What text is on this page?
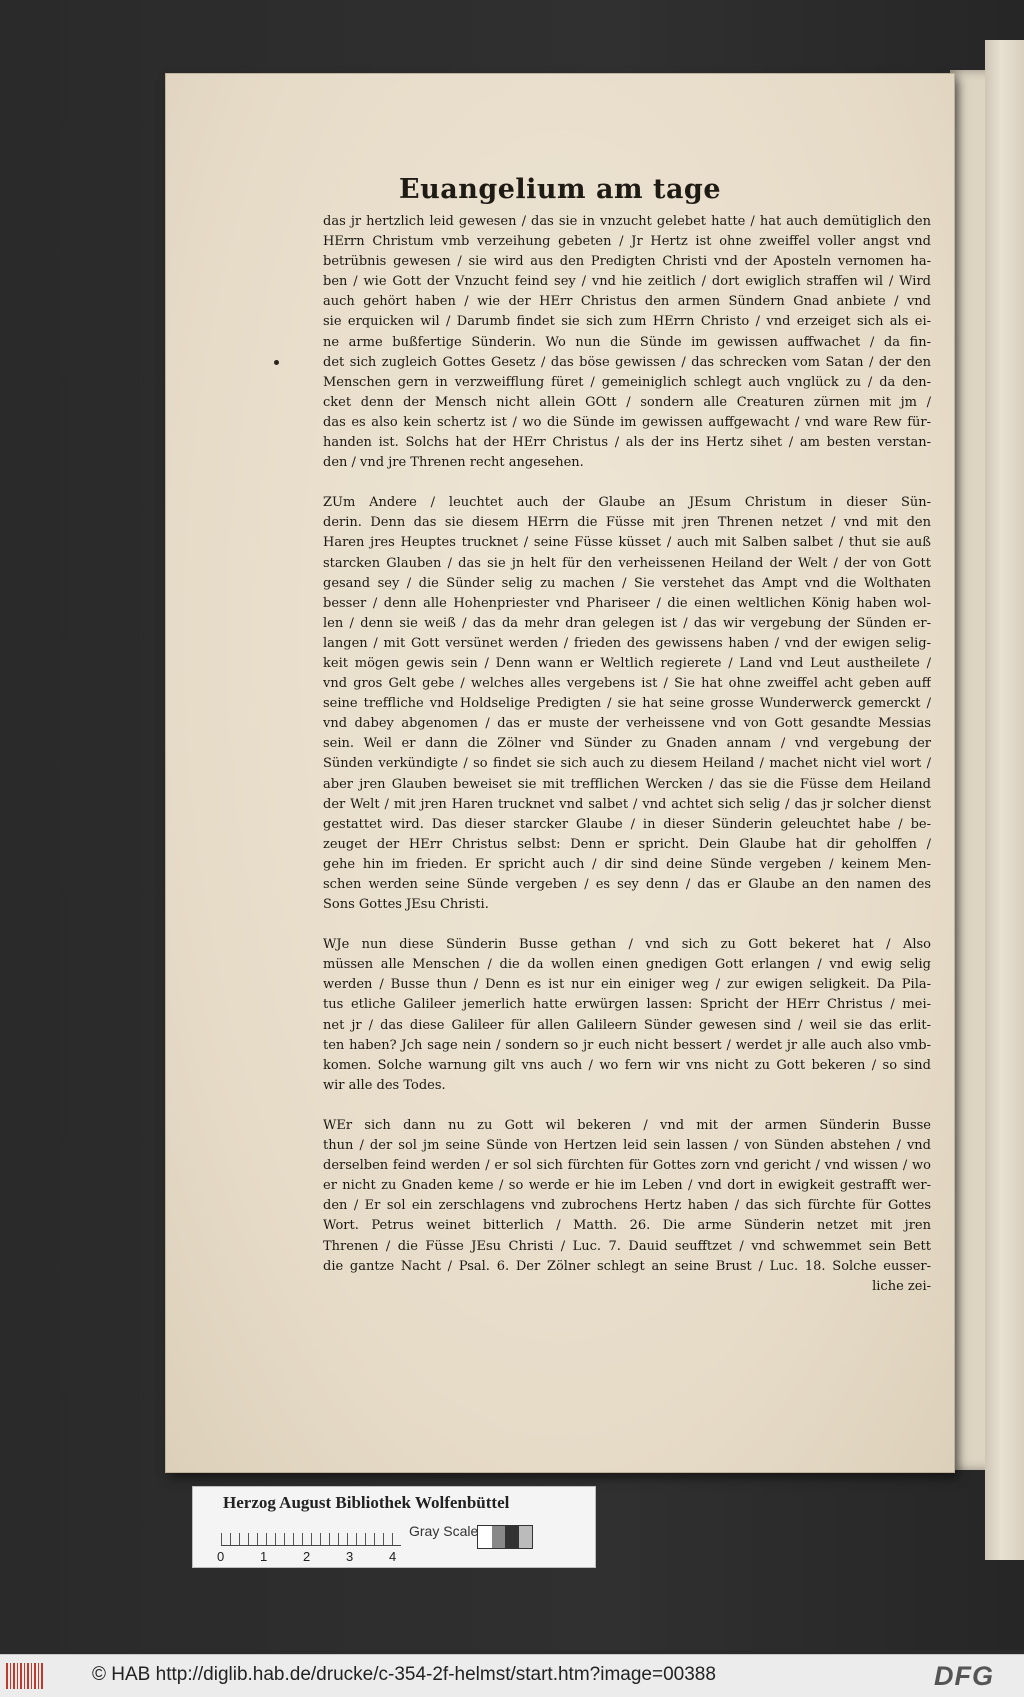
Euangelium am tage
das jr hertzlich leid gewesen / das sie in vnzucht gelebet hatte / hat auch demütiglich den
HErrn Christum vmb verzeihung gebeten / Jr Hertz ist ohne zweiffel voller angst vnd
betrübnis gewesen / sie wird aus den Predigten Christi vnd der Aposteln vernomen ha-
ben / wie Gott der Vnzucht feind sey / vnd hie zeitlich / dort ewiglich straffen wil / Wird
auch gehört haben / wie der HErr Christus den armen Sündern Gnad anbiete / vnd
sie erquicken wil / Darumb findet sie sich zum HErrn Christo / vnd erzeiget sich als ei-
ne arme bußfertige Sünderin. Wo nun die Sünde im gewissen auffwachet / da fin-
det sich zugleich Gottes Gesetz / das böse gewissen / das schrecken vom Satan / der den
Menschen gern in verzweifflung füret / gemeiniglich schlegt auch vnglück zu / da den-
cket denn der Mensch nicht allein GOtt / sondern alle Creaturen zürnen mit jm /
das es also kein schertz ist / wo die Sünde im gewissen auffgewacht / vnd ware Rew für-
handen ist. Solchs hat der HErr Christus / als der ins Hertz sihet / am besten verstan-
den / vnd jre Threnen recht angesehen.
ZUm Andere / leuchtet auch der Glaube an JEsum Christum in dieser Sün-
derin. Denn das sie diesem HErrn die Füsse mit jren Threnen netzet / vnd mit den
Haren jres Heuptes trucknet / seine Füsse küsset / auch mit Salben salbet / thut sie auß
starcken Glauben / das sie jn helt für den verheissenen Heiland der Welt / der von Gott
gesand sey / die Sünder selig zu machen / Sie verstehet das Ampt vnd die Wolthaten
besser / denn alle Hohenpriester vnd Phariseer / die einen weltlichen König haben wol-
len / denn sie weiß / das da mehr dran gelegen ist / das wir vergebung der Sünden er-
langen / mit Gott versünet werden / frieden des gewissens haben / vnd der ewigen selig-
keit mögen gewis sein / Denn wann er Weltlich regierete / Land vnd Leut austheilete /
vnd gros Gelt gebe / welches alles vergebens ist / Sie hat ohne zweiffel acht geben auff
seine treffliche vnd Holdselige Predigten / sie hat seine grosse Wunderwerck gemerckt /
vnd dabey abgenomen / das er muste der verheissene vnd von Gott gesandte Messias
sein. Weil er dann die Zölner vnd Sünder zu Gnaden annam / vnd vergebung der
Sünden verkündigte / so findet sie sich auch zu diesem Heiland / machet nicht viel wort /
aber jren Glauben beweiset sie mit trefflichen Wercken / das sie die Füsse dem Heiland
der Welt / mit jren Haren trucknet vnd salbet / vnd achtet sich selig / das jr solcher dienst
gestattet wird. Das dieser starcker Glaube / in dieser Sünderin geleuchtet habe / be-
zeuget der HErr Christus selbst: Denn er spricht. Dein Glaube hat dir geholffen /
gehe hin im frieden. Er spricht auch / dir sind deine Sünde vergeben / keinem Men-
schen werden seine Sünde vergeben / es sey denn / das er Glaube an den namen des
Sons Gottes JEsu Christi.
WJe nun diese Sünderin Busse gethan / vnd sich zu Gott bekeret hat / Also
müssen alle Menschen / die da wollen einen gnedigen Gott erlangen / vnd ewig selig
werden / Busse thun / Denn es ist nur ein einiger weg / zur ewigen seligkeit. Da Pila-
tus etliche Galileer jemerlich hatte erwürgen lassen: Spricht der HErr Christus / mei-
net jr / das diese Galileer für allen Galileern Sünder gewesen sind / weil sie das erlit-
ten haben? Jch sage nein / sondern so jr euch nicht bessert / werdet jr alle auch also vmb-
komen. Solche warnung gilt vns auch / wo fern wir vns nicht zu Gott bekeren / so sind
wir alle des Todes.
WEr sich dann nu zu Gott wil bekeren / vnd mit der armen Sünderin Busse
thun / der sol jm seine Sünde von Hertzen leid sein lassen / von Sünden abstehen / vnd
derselben feind werden / er sol sich fürchten für Gottes zorn vnd gericht / vnd wissen / wo
er nicht zu Gnaden keme / so werde er hie im Leben / vnd dort in ewigkeit gestrafft wer-
den / Er sol ein zerschlagens vnd zubrochens Hertz haben / das sich fürchte für Gottes
Wort. Petrus weinet bitterlich / Matth. 26. Die arme Sünderin netzet mit jren
Threnen / die Füsse JEsu Christi / Luc. 7. Dauid seufftzet / vnd schwemmet sein Bett
die gantze Nacht / Psal. 6. Der Zölner schlegt an seine Brust / Luc. 18. Solche eusser-
liche zei-
Herzog August Bibliothek Wolfenbüttel
0	1	2	3	4
Gray Scale
© HAB http://diglib.hab.de/drucke/c-354-2f-helmst/start.htm?image=00388	DFG
